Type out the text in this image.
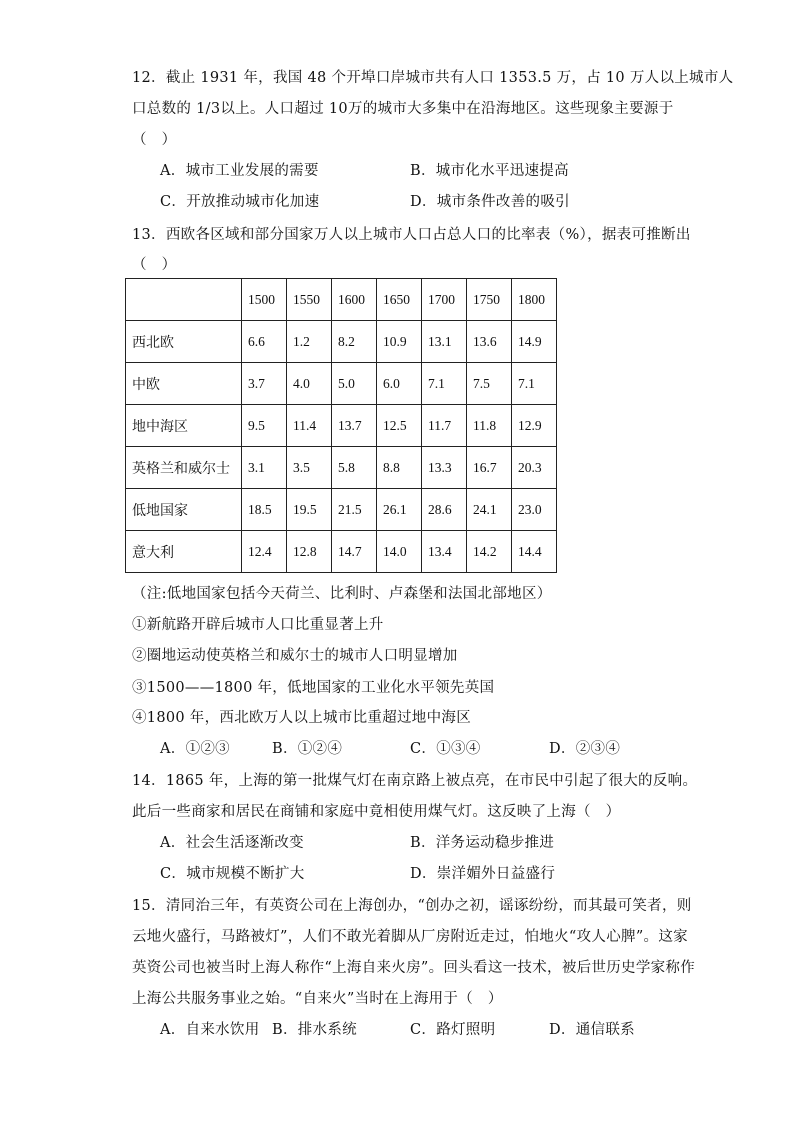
12．截止 1931 年，我国 48 个开埠口岸城市共有人口 1353.5 万，占 10 万人以上城市人
口总数的 1/3以上。人口超过 10万的城市大多集中在沿海地区。这些现象主要源于
（　）
A．城市工业发展的需要	B．城市化水平迅速提高
C．开放推动城市化加速	D．城市条件改善的吸引
13．西欧各区域和部分国家万人以上城市人口占总人口的比率表（%），据表可推断出
（　）
	1500	1550	1600	1650	1700	1750	1800
西北欧	6.6	1.2	8.2	10.9	13.1	13.6	14.9
中欧	3.7	4.0	5.0	6.0	7.1	7.5	7.1
地中海区	9.5	11.4	13.7	12.5	11.7	11.8	12.9
英格兰和威尔士	3.1	3.5	5.8	8.8	13.3	16.7	20.3
低地国家	18.5	19.5	21.5	26.1	28.6	24.1	23.0
意大利	12.4	12.8	14.7	14.0	13.4	14.2	14.4
（注:低地国家包括今天荷兰、比利时、卢森堡和法国北部地区）
①新航路开辟后城市人口比重显著上升
②圈地运动使英格兰和威尔士的城市人口明显增加
③1500——1800 年，低地国家的工业化水平领先英国
④1800 年，西北欧万人以上城市比重超过地中海区
A．①②③	B．①②④	C．①③④	D．②③④
14．1865 年，上海的第一批煤气灯在南京路上被点亮，在市民中引起了很大的反响。
此后一些商家和居民在商铺和家庭中竟相使用煤气灯。这反映了上海（　）
A．社会生活逐渐改变	B．洋务运动稳步推进
C．城市规模不断扩大	D．崇洋媚外日益盛行
15．清同治三年，有英资公司在上海创办，“创办之初，谣诼纷纷，而其最可笑者，则
云地火盛行，马路被灯”，人们不敢光着脚从厂房附近走过，怕地火“攻人心脾”。这家
英资公司也被当时上海人称作“上海自来火房”。回头看这一技术，被后世历史学家称作
上海公共服务事业之始。“自来火”当时在上海用于（　）
A．自来水饮用 B．排水系统	C．路灯照明	D．通信联系
